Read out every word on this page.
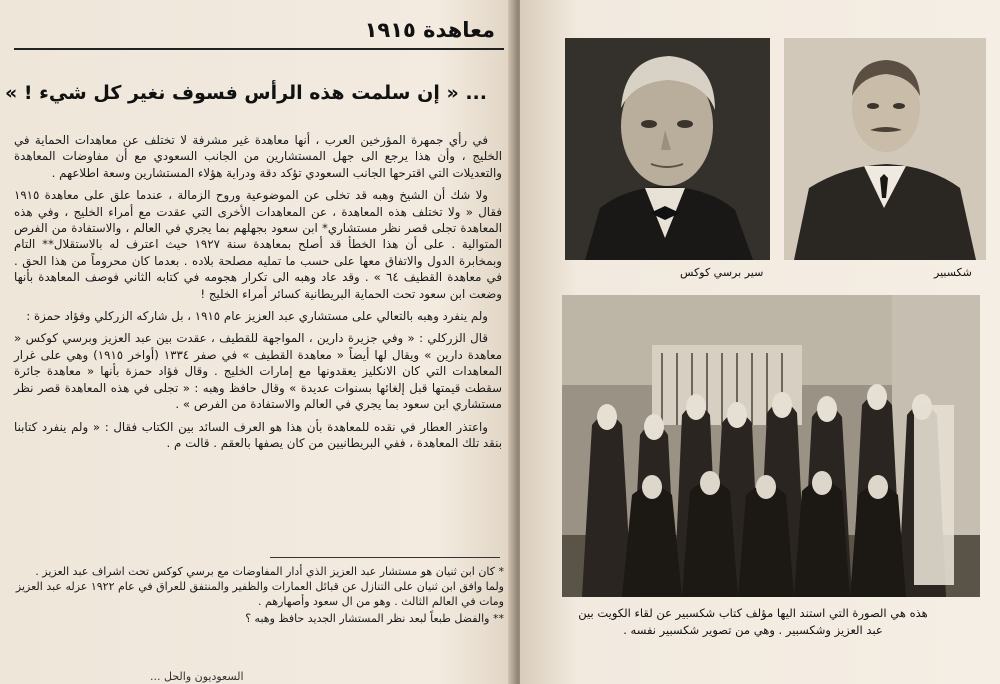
معاهدة ١٩١٥
... « إن سلمت هذه الرأس فسوف نغير كل شيء ! »

في رأي جمهرة المؤرخين العرب ، أنها معاهدة غير مشرفة لا تختلف عن معاهدات الحماية في الخليج ، وأن هذا يرجع الى جهل المستشارين من الجانب السعودي مع أن مفاوضات المعاهدة والتعديلات التي اقترحها الجانب السعودي تؤكد دقة ودراية هؤلاء المستشارين وسعة اطلاعهم .

ولا شك أن الشيخ وهبه قد تخلى عن الموضوعية وروح الزمالة ، عندما علق على معاهدة ١٩١٥ فقال « ولا تختلف هذه المعاهدة ، عن المعاهدات الأخرى التي عقدت مع أمراء الخليج ، وفي هذه المعاهدة تجلى قصر نظر مستشاري* ابن سعود بجهلهم بما يجري في العالم ، والاستفادة من الفرص المتوالية . على أن هذا الخطأ قد أصلح بمعاهدة سنة ١٩٢٧ حيث اعترف له بالاستقلال** التام وبمخابرة الدول والاتفاق معها على حسب ما تمليه مصلحة بلاده . بعدما كان محروماً من هذا الحق . في معاهدة القطيف ٦٤ » . وقد عاد وهبه الى تكرار هجومه في كتابه الثاني فوصف المعاهدة بأنها وضعت ابن سعود تحت الحماية البريطانية كسائر أمراء الخليج !

ولم ينفرد وهبه بالتعالي على مستشاري عبد العزيز عام ١٩١٥ ، بل شاركه الزركلي وفؤاد حمزة :

قال الزركلي : « وفي جزيرة دارين ، المواجهة للقطيف ، عقدت بين عبد العزيز وبرسي كوكس « معاهدة دارين » ويقال لها أيضاً « معاهدة القطيف » في صفر ١٣٣٤ (أواخر ١٩١٥) وهي على غرار المعاهدات التي كان الانكليز يعقدونها مع إمارات الخليج . وقال فؤاد حمزة بأنها « معاهدة جائرة سقطت قيمتها قبل إلغائها بسنوات عديدة » وقال حافظ وهبه : « تجلى في هذه المعاهدة قصر نظر مستشاري ابن سعود بما يجري في العالم والاستفادة من الفرص » .

واعتذر العطار في نقده للمعاهدة بأن هذا هو العرف السائد بين الكتاب فقال : « ولم ينفرد كتابنا بنقد تلك المعاهدة ، ففي البريطانيين من كان يصفها بالعقم . قالت م .

* كان ابن ثنيان هو مستشار عبد العزيز الذي أدار المفاوضات مع برسي كوكس تحت اشراف عبد العزيز . ولما وافق ابن ثنيان على التنازل عن قبائل العمارات والظفير والمنتفق للعراق في عام ١٩٢٢ عزله عبد العزيز ومات في العالم الثالث . وهو من ال سعود وأصهارهم .

** والفضل طبعاً لبعد نظر المستشار الجديد حافظ وهبه ؟

السعوديون والحل ...
سير برسي كوكس	شكسبير
هذه هي الصورة التي استند اليها مؤلف كتاب شكسبير عن لقاء الكويت بين
عبد العزيز وشكسبير . وهي من تصوير شكسبير نفسه .
